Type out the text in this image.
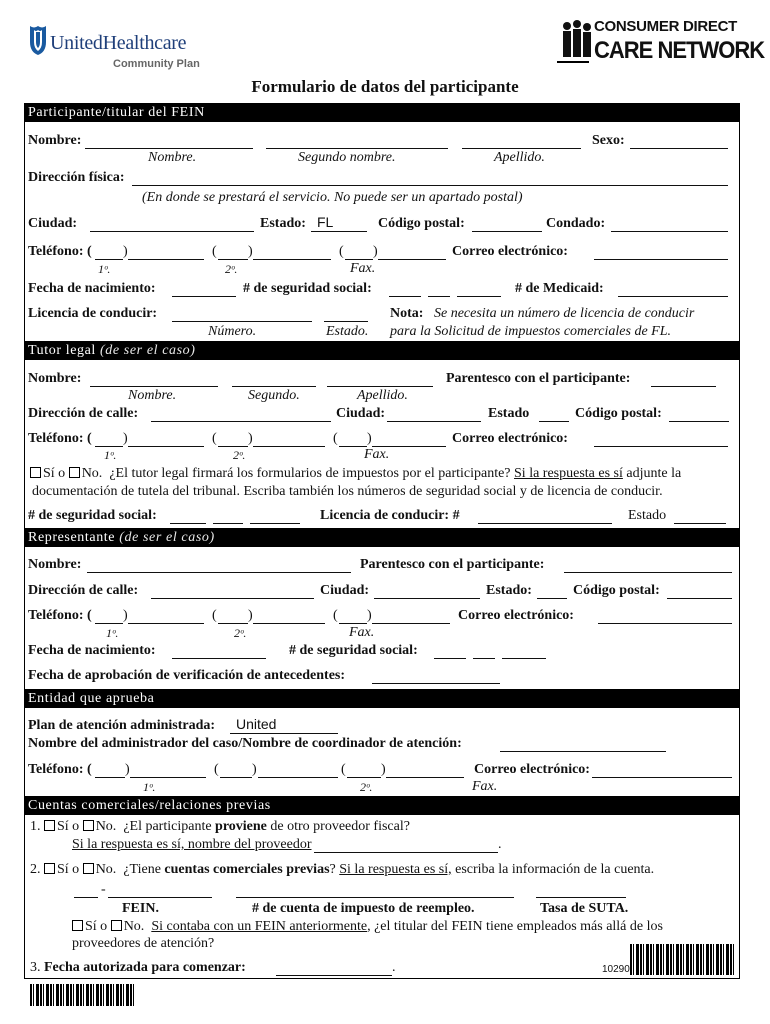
UnitedHealthcare
Community Plan
CONSUMER DIRECT
CARE NETWORK
Formulario de datos del participante
Participante/titular del FEIN
Nombre:	Sexo:
Nombre.	Segundo nombre.	Apellido.
Dirección física:
(En donde se prestará el servicio. No puede ser un apartado postal)
Ciudad:	Estado: FL	Código postal:	Condado:
Teléfono: ( )	( )	( )	Correo electrónico:
1ᵒ.	2ᵒ.	Fax.
Fecha de nacimiento:	# de seguridad social:	# de Medicaid:
Licencia de conducir:
Número.	Estado.
Nota: Se necesita un número de licencia de conducir
para la Solicitud de impuestos comerciales de FL.
Tutor legal (de ser el caso)
Nombre:	Parentesco con el participante:
Nombre.	Segundo.	Apellido.
Dirección de calle:	Ciudad:	Estado	Código postal:
Teléfono: ( )	( )	( )	Correo electrónico:
1ᵒ.	2ᵒ.	Fax.
Sí o No. ¿El tutor legal firmará los formularios de impuestos por el participante? Si la respuesta es sí adjunte la
documentación de tutela del tribunal. Escriba también los números de seguridad social y de licencia de conducir.
# de seguridad social:	Licencia de conducir: #	Estado
Representante (de ser el caso)
Nombre:	Parentesco con el participante:
Dirección de calle:	Ciudad:	Estado:	Código postal:
Teléfono: ( )	( )	( )	Correo electrónico:
1ᵒ.	2ᵒ.	Fax.
Fecha de nacimiento:	# de seguridad social:
Fecha de aprobación de verificación de antecedentes:
Entidad que aprueba
Plan de atención administrada: United
Nombre del administrador del caso/Nombre de coordinador de atención:
Teléfono: ( )	( )	(	)	Correo electrónico:
1ᵒ.	2ᵒ.	Fax.
Cuentas comerciales/relaciones previas
1. Sí o No. ¿El participante proviene de otro proveedor fiscal?
Si la respuesta es sí, nombre del proveedor	.
2. Sí o No. ¿Tiene cuentas comerciales previas? Si la respuesta es sí, escriba la información de la cuenta.
-
FEIN.	# de cuenta de impuesto de reempleo.	Tasa de SUTA.
Sí o No. Si contaba con un FEIN anteriormente, ¿el titular del FEIN tiene empleados más allá de los
proveedores de atención?
3. Fecha autorizada para comenzar:	.	10290
